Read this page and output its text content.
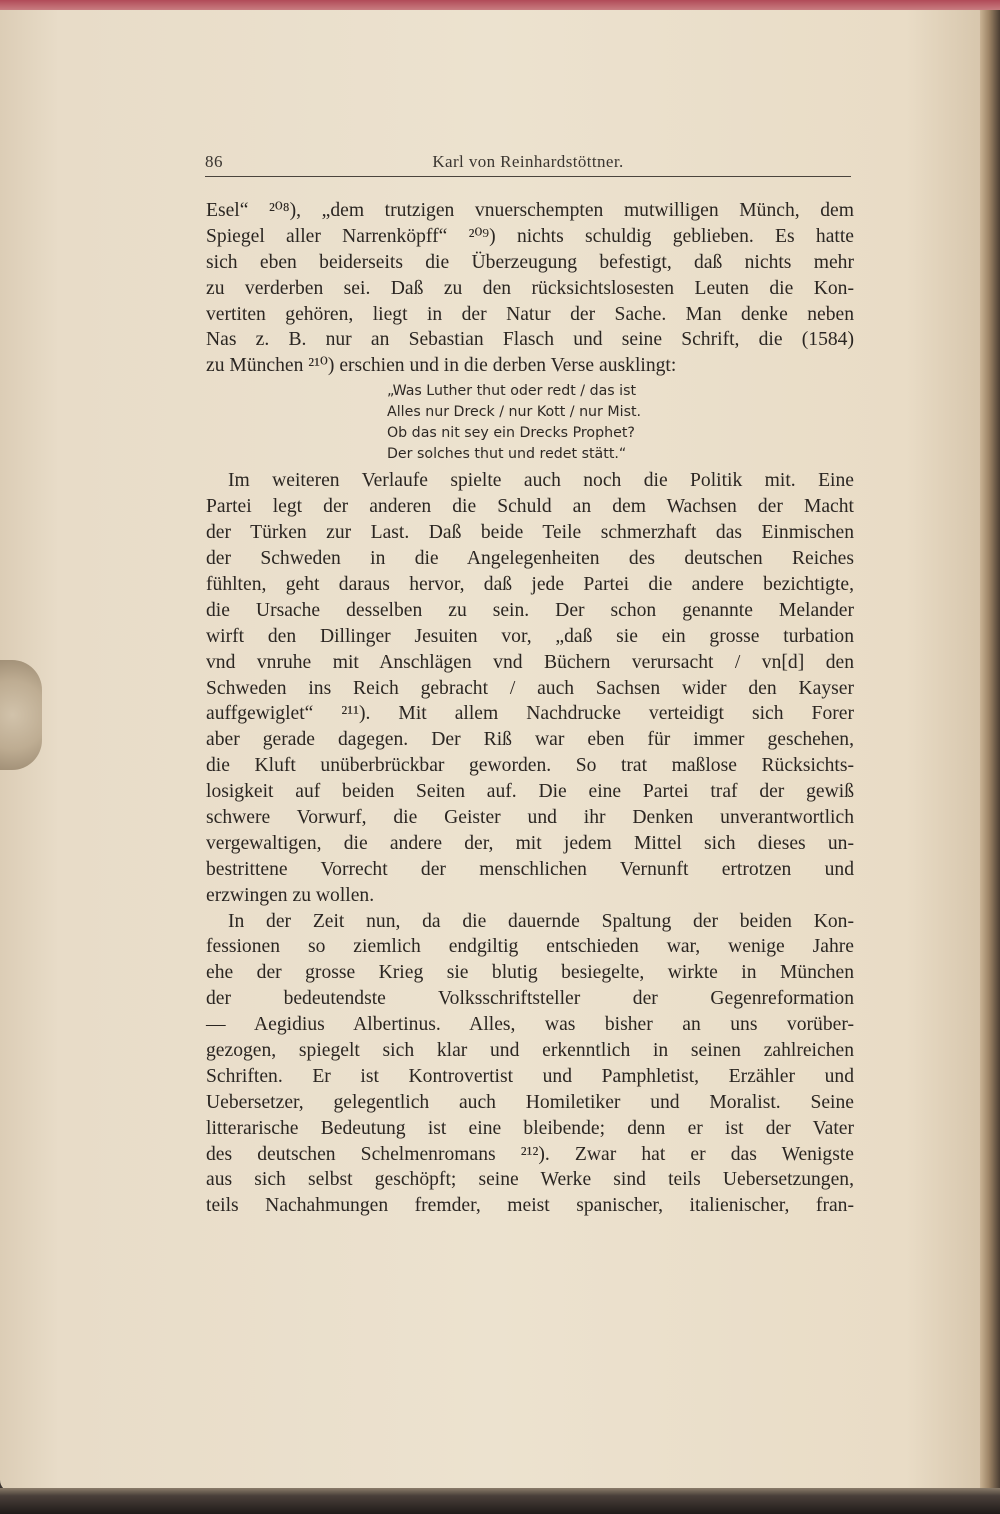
86	Karl von Reinhardstöttner.
Esel“ ²⁰⁸), „dem trutzigen vnuerschempten mutwilligen Münch, dem
Spiegel aller Narrenköpff“ ²⁰⁹) nichts schuldig geblieben. Es hatte
sich eben beiderseits die Überzeugung befestigt, daß nichts mehr
zu verderben sei. Daß zu den rücksichtslosesten Leuten die Kon-
vertiten gehören, liegt in der Natur der Sache. Man denke neben
Nas z. B. nur an Sebastian Flasch und seine Schrift, die (1584)
zu München ²¹⁰) erschien und in die derben Verse ausklingt:
„Was Luther thut oder redt / das ist
Alles nur Dreck / nur Kott / nur Mist.
Ob das nit sey ein Drecks Prophet?
Der solches thut und redet stätt.“
Im weiteren Verlaufe spielte auch noch die Politik mit. Eine
Partei legt der anderen die Schuld an dem Wachsen der Macht
der Türken zur Last. Daß beide Teile schmerzhaft das Einmischen
der Schweden in die Angelegenheiten des deutschen Reiches
fühlten, geht daraus hervor, daß jede Partei die andere bezichtigte,
die Ursache desselben zu sein. Der schon genannte Melander
wirft den Dillinger Jesuiten vor, „daß sie ein grosse turbation
vnd vnruhe mit Anschlägen vnd Büchern verursacht / vn[d] den
Schweden ins Reich gebracht / auch Sachsen wider den Kayser
auffgewiglet“ ²¹¹). Mit allem Nachdrucke verteidigt sich Forer
aber gerade dagegen. Der Riß war eben für immer geschehen,
die Kluft unüberbrückbar geworden. So trat maßlose Rücksichts-
losigkeit auf beiden Seiten auf. Die eine Partei traf der gewiß
schwere Vorwurf, die Geister und ihr Denken unverantwortlich
vergewaltigen, die andere der, mit jedem Mittel sich dieses un-
bestrittene Vorrecht der menschlichen Vernunft ertrotzen und
erzwingen zu wollen.
In der Zeit nun, da die dauernde Spaltung der beiden Kon-
fessionen so ziemlich endgiltig entschieden war, wenige Jahre
ehe der grosse Krieg sie blutig besiegelte, wirkte in München
der bedeutendste Volksschriftsteller der Gegenreformation
— Aegidius Albertinus. Alles, was bisher an uns vorüber-
gezogen, spiegelt sich klar und erkenntlich in seinen zahlreichen
Schriften. Er ist Kontrovertist und Pamphletist, Erzähler und
Uebersetzer, gelegentlich auch Homiletiker und Moralist. Seine
litterarische Bedeutung ist eine bleibende; denn er ist der Vater
des deutschen Schelmenromans ²¹²). Zwar hat er das Wenigste
aus sich selbst geschöpft; seine Werke sind teils Uebersetzungen,
teils Nachahmungen fremder, meist spanischer, italienischer, fran-
